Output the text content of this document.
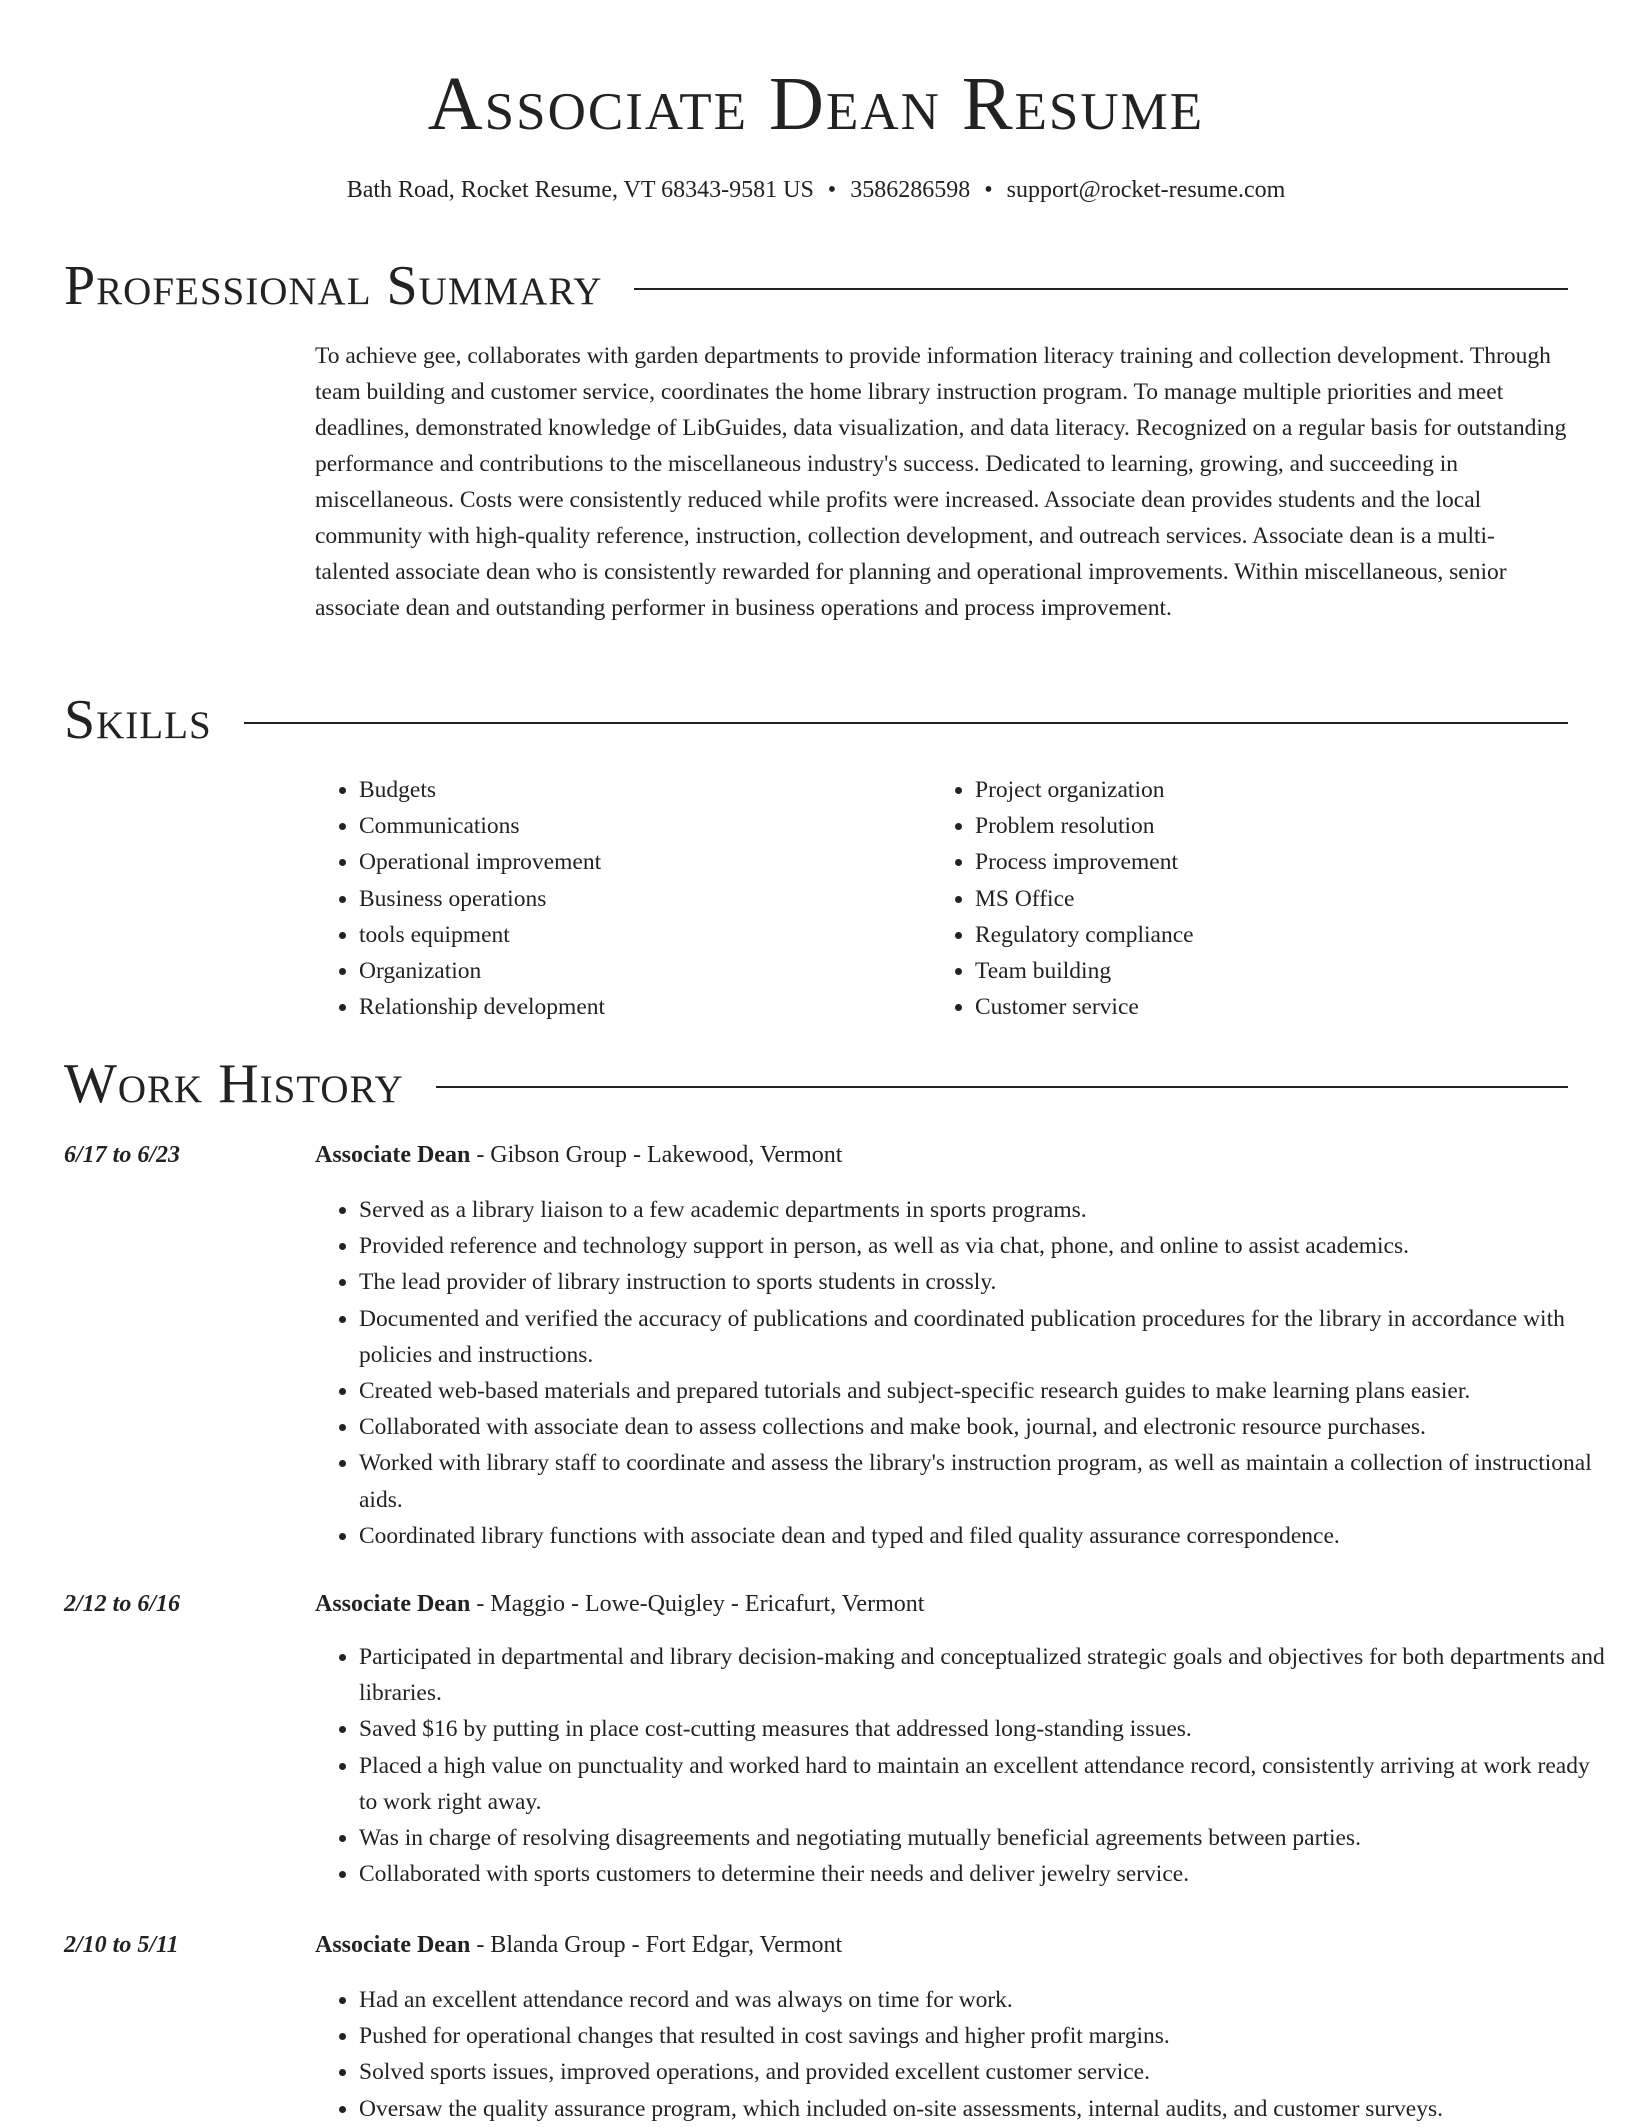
Associate Dean Resume
Bath Road, Rocket Resume, VT 68343-9581 US • 3586286598 • support@rocket-resume.com
Professional Summary

To achieve gee, collaborates with garden departments to provide information literacy training and collection development. Through team building and customer service, coordinates the home library instruction program. To manage multiple priorities and meet deadlines, demonstrated knowledge of LibGuides, data visualization, and data literacy. Recognized on a regular basis for outstanding performance and contributions to the miscellaneous industry's success. Dedicated to learning, growing, and succeeding in miscellaneous. Costs were consistently reduced while profits were increased. Associate dean provides students and the local community with high-quality reference, instruction, collection development, and outreach services. Associate dean is a multi-talented associate dean who is consistently rewarded for planning and operational improvements. Within miscellaneous, senior associate dean and outstanding performer in business operations and process improvement.

Skills
• Budgets
• Communications
• Operational improvement
• Business operations
• tools equipment
• Organization
• Relationship development
• Project organization
• Problem resolution
• Process improvement
• MS Office
• Regulatory compliance
• Team building
• Customer service
Work History
6/17 to 6/23	Associate Dean - Gibson Group - Lakewood, Vermont
• Served as a library liaison to a few academic departments in sports programs.
• Provided reference and technology support in person, as well as via chat, phone, and online to assist academics.
• The lead provider of library instruction to sports students in crossly.
• Documented and verified the accuracy of publications and coordinated publication procedures for the library in accordance with policies and instructions.
• Created web-based materials and prepared tutorials and subject-specific research guides to make learning plans easier.
• Collaborated with associate dean to assess collections and make book, journal, and electronic resource purchases.
• Worked with library staff to coordinate and assess the library's instruction program, as well as maintain a collection of instructional aids.
• Coordinated library functions with associate dean and typed and filed quality assurance correspondence.
2/12 to 6/16	Associate Dean - Maggio - Lowe-Quigley - Ericafurt, Vermont
• Participated in departmental and library decision-making and conceptualized strategic goals and objectives for both departments and libraries.
• Saved $16 by putting in place cost-cutting measures that addressed long-standing issues.
• Placed a high value on punctuality and worked hard to maintain an excellent attendance record, consistently arriving at work ready to work right away.
• Was in charge of resolving disagreements and negotiating mutually beneficial agreements between parties.
• Collaborated with sports customers to determine their needs and deliver jewelry service.
2/10 to 5/11	Associate Dean - Blanda Group - Fort Edgar, Vermont
• Had an excellent attendance record and was always on time for work.
• Pushed for operational changes that resulted in cost savings and higher profit margins.
• Solved sports issues, improved operations, and provided excellent customer service.
• Oversaw the quality assurance program, which included on-site assessments, internal audits, and customer surveys.
